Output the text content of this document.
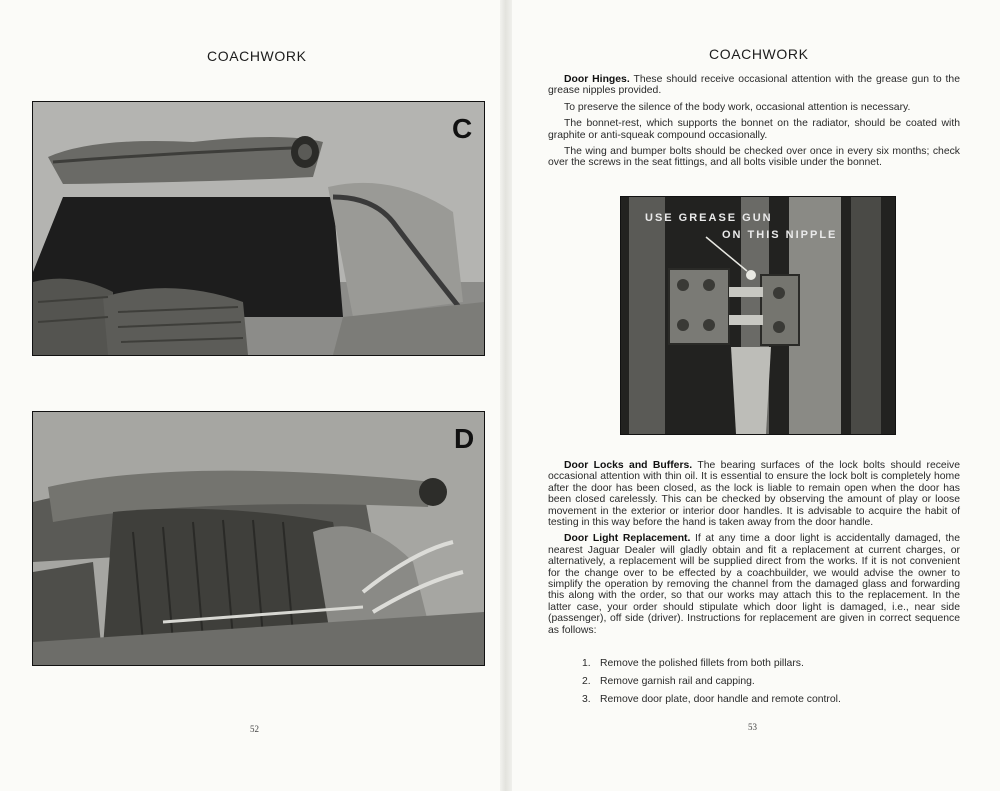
COACHWORK
C
D
52
COACHWORK

Door Hinges. These should receive occasional attention with the grease gun to the grease nipples provided.

To preserve the silence of the body work, occasional attention is necessary.

The bonnet-rest, which supports the bonnet on the radiator, should be coated with graphite or anti-squeak compound occasionally.

The wing and bumper bolts should be checked over once in every six months; check over the screws in the seat fittings, and all bolts visible under the bonnet.

USE GREASE GUN
ON THIS NIPPLE

Door Locks and Buffers. The bearing surfaces of the lock bolts should receive occasional attention with thin oil. It is essential to ensure the lock bolt is completely home after the door has been closed, as the lock is liable to remain open when the door has been closed carelessly. This can be checked by observing the amount of play or loose movement in the exterior or interior door handles. It is advisable to acquire the habit of testing in this way before the hand is taken away from the door handle.

Door Light Replacement. If at any time a door light is accidentally damaged, the nearest Jaguar Dealer will gladly obtain and fit a replacement at current charges, or alternatively, a replacement will be supplied direct from the works. If it is not convenient for the change over to be effected by a coachbuilder, we would advise the owner to simplify the operation by removing the channel from the damaged glass and forwarding this along with the order, so that our works may attach this to the replacement. In the latter case, your order should stipulate which door light is damaged, i.e., near side (passenger), off side (driver). Instructions for replacement are given in correct sequence as follows:

1. Remove the polished fillets from both pillars.
2. Remove garnish rail and capping.
3. Remove door plate, door handle and remote control.
53
